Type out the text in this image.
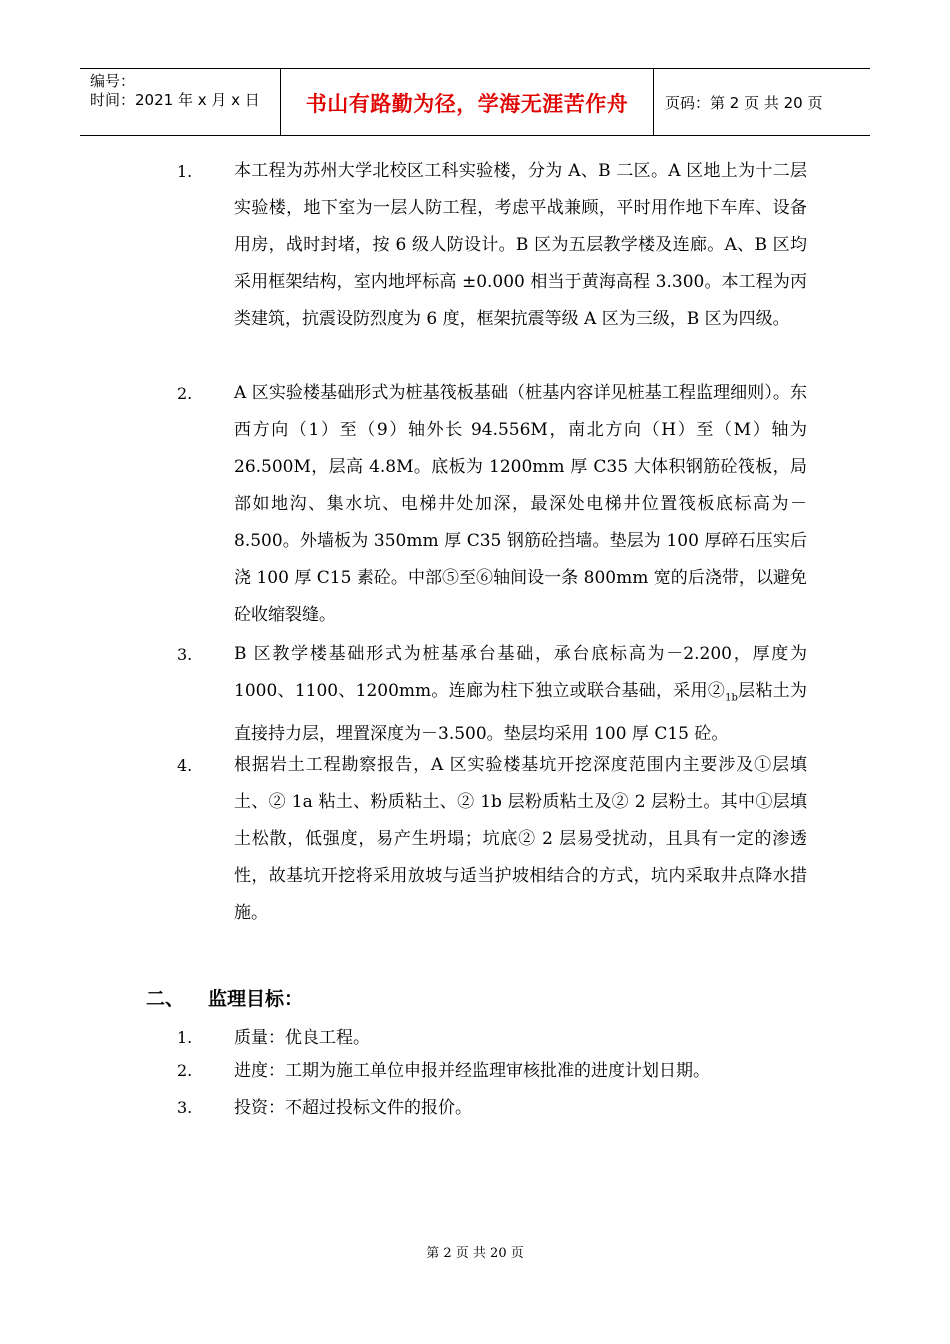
编号：
时间：2021 年 x 月 x 日	书山有路勤为径，学海无涯苦作舟	页码：第 2 页 共 20 页
1. 本工程为苏州大学北校区工科实验楼，分为 A、B 二区。A 区地上为十二层实验楼，地下室为一层人防工程，考虑平战兼顾，平时用作地下车库、设备用房，战时封堵，按 6 级人防设计。B 区为五层教学楼及连廊。A、B 区均采用框架结构，室内地坪标高 ±0.000 相当于黄海高程 3.300。本工程为丙类建筑，抗震设防烈度为 6 度，框架抗震等级 A 区为三级，B 区为四级。
2. A 区实验楼基础形式为桩基筏板基础（桩基内容详见桩基工程监理细则）。东西方向（1）至（9）轴外长 94.556M，南北方向（H）至（M）轴为 26.500M，层高 4.8M。底板为 1200mm 厚 C35 大体积钢筋砼筏板，局部如地沟、集水坑、电梯井处加深，最深处电梯井位置筏板底标高为－8.500。外墙板为 350mm 厚 C35 钢筋砼挡墙。垫层为 100 厚碎石压实后浇 100 厚 C15 素砼。中部⑤至⑥轴间设一条 800mm 宽的后浇带，以避免砼收缩裂缝。
3. B 区教学楼基础形式为桩基承台基础，承台底标高为－2.200，厚度为 1000、1100、1200mm。连廊为柱下独立或联合基础，采用$②_{1b}$层粘土为直接持力层，埋置深度为－3.500。垫层均采用 100 厚 C15 砼。
4. 根据岩土工程勘察报告，A 区实验楼基坑开挖深度范围内主要涉及①层填土、② 1a 粘土、粉质粘土、② 1b 层粉质粘土及② 2 层粉土。其中①层填土松散，低强度，易产生坍塌；坑底② 2 层易受扰动，且具有一定的渗透性，故基坑开挖将采用放坡与适当护坡相结合的方式，坑内采取井点降水措施。
二、 监理目标：
1. 质量：优良工程。
2. 进度：工期为施工单位申报并经监理审核批准的进度计划日期。
3. 投资：不超过投标文件的报价。
第 2 页 共 20 页
